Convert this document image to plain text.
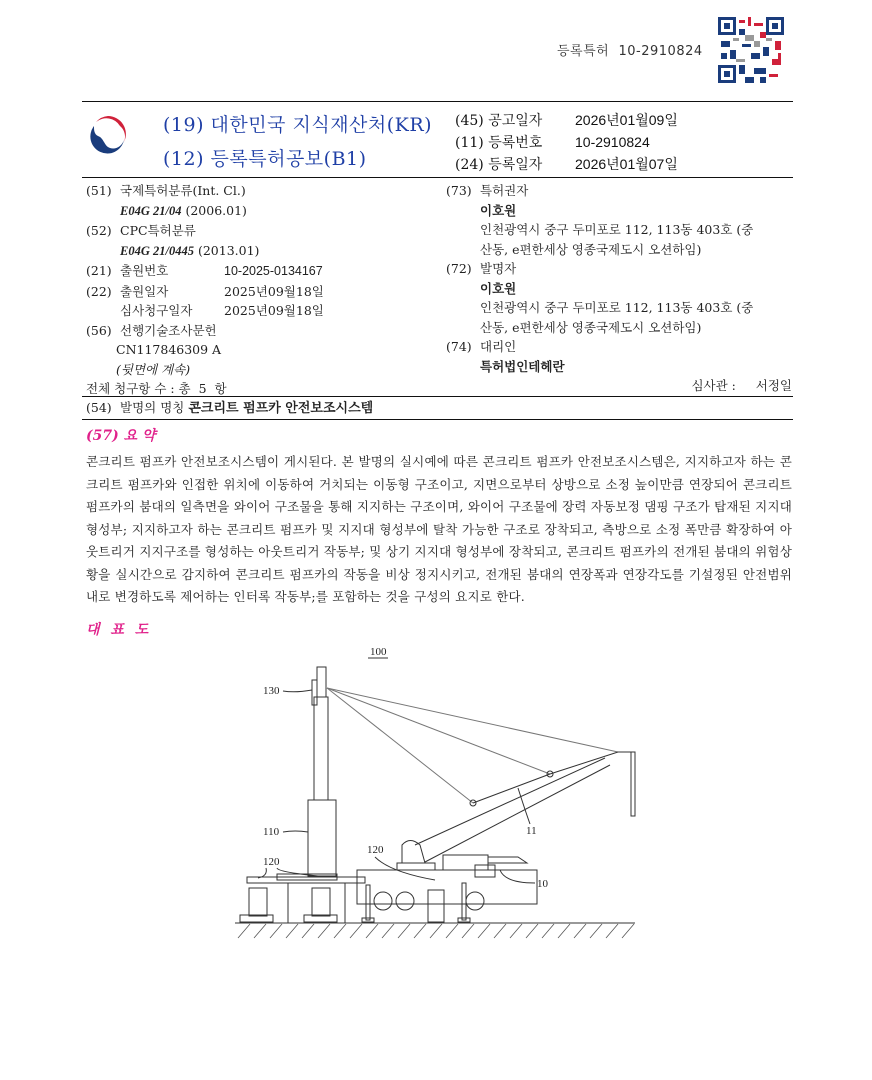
등록특허 10-2910824
(19) 대한민국 지식재산처(KR)
(12) 등록특허공보(B1)
(45) 공고일자 2026년01월09일
(11) 등록번호 10-2910824
(24) 등록일자 2026년01월07일
(51) 국제특허분류(Int. Cl.)
E04G 21/04 (2006.01)
(52) CPC특허분류
E04G 21/0445 (2013.01)
(21) 출원번호	10-2025-0134167
(22) 출원일자	2025년09월18일
심사청구일자	2025년09월18일
(56) 선행기술조사문헌
CN117846309 A
(뒷면에 계속)
전체 청구항 수 : 총  5  항
(73) 특허권자
이호원
인천광역시 중구 두미포로 112, 113동 403호 (중
산동, e편한세상 영종국제도시 오션하임)
(72) 발명자
이호원
인천광역시 중구 두미포로 112, 113동 403호 (중
산동, e편한세상 영종국제도시 오션하임)
(74) 대리인
특허법인테헤란
심사관 : 서정일
(54) 발명의 명칭 콘크리트 펌프카 안전보조시스템
(57) 요 약
콘크리트 펌프카 안전보조시스템이 게시된다. 본 발명의 실시예에 따른 콘크리트 펌프카 안전보조시스템은, 지지하고자 하는 콘크리트 펌프카와 인접한 위치에 이동하여 거치되는 이동형 구조이고, 지면으로부터 상방으로 소정 높이만큼 연장되어 콘크리트 펌프카의 붐대의 일측면을 와이어 구조물을 통해 지지하는 구조이며, 와이어 구조물에 장력 자동보정 댐핑 구조가 탑재된 지지대 형성부; 지지하고자 하는 콘크리트 펌프카 및 지지대 형성부에 탈착 가능한 구조로 장착되고, 측방으로 소정 폭만큼 확장하여 아웃트리거 지지구조를 형성하는 아웃트리거 작동부; 및 상기 지지대 형성부에 장착되고, 콘크리트 펌프카의 전개된 붐대의 위험상황을 실시간으로 감지하여 콘크리트 펌프카의 작동을 비상 정지시키고, 전개된 붐대의 연장폭과 연장각도를 기설정된 안전범위 내로 변경하도록 제어하는 인터록 작동부;를 포함하는 것을 구성의 요지로 한다.
대 표 도
100
130
110
120
120
11
10
